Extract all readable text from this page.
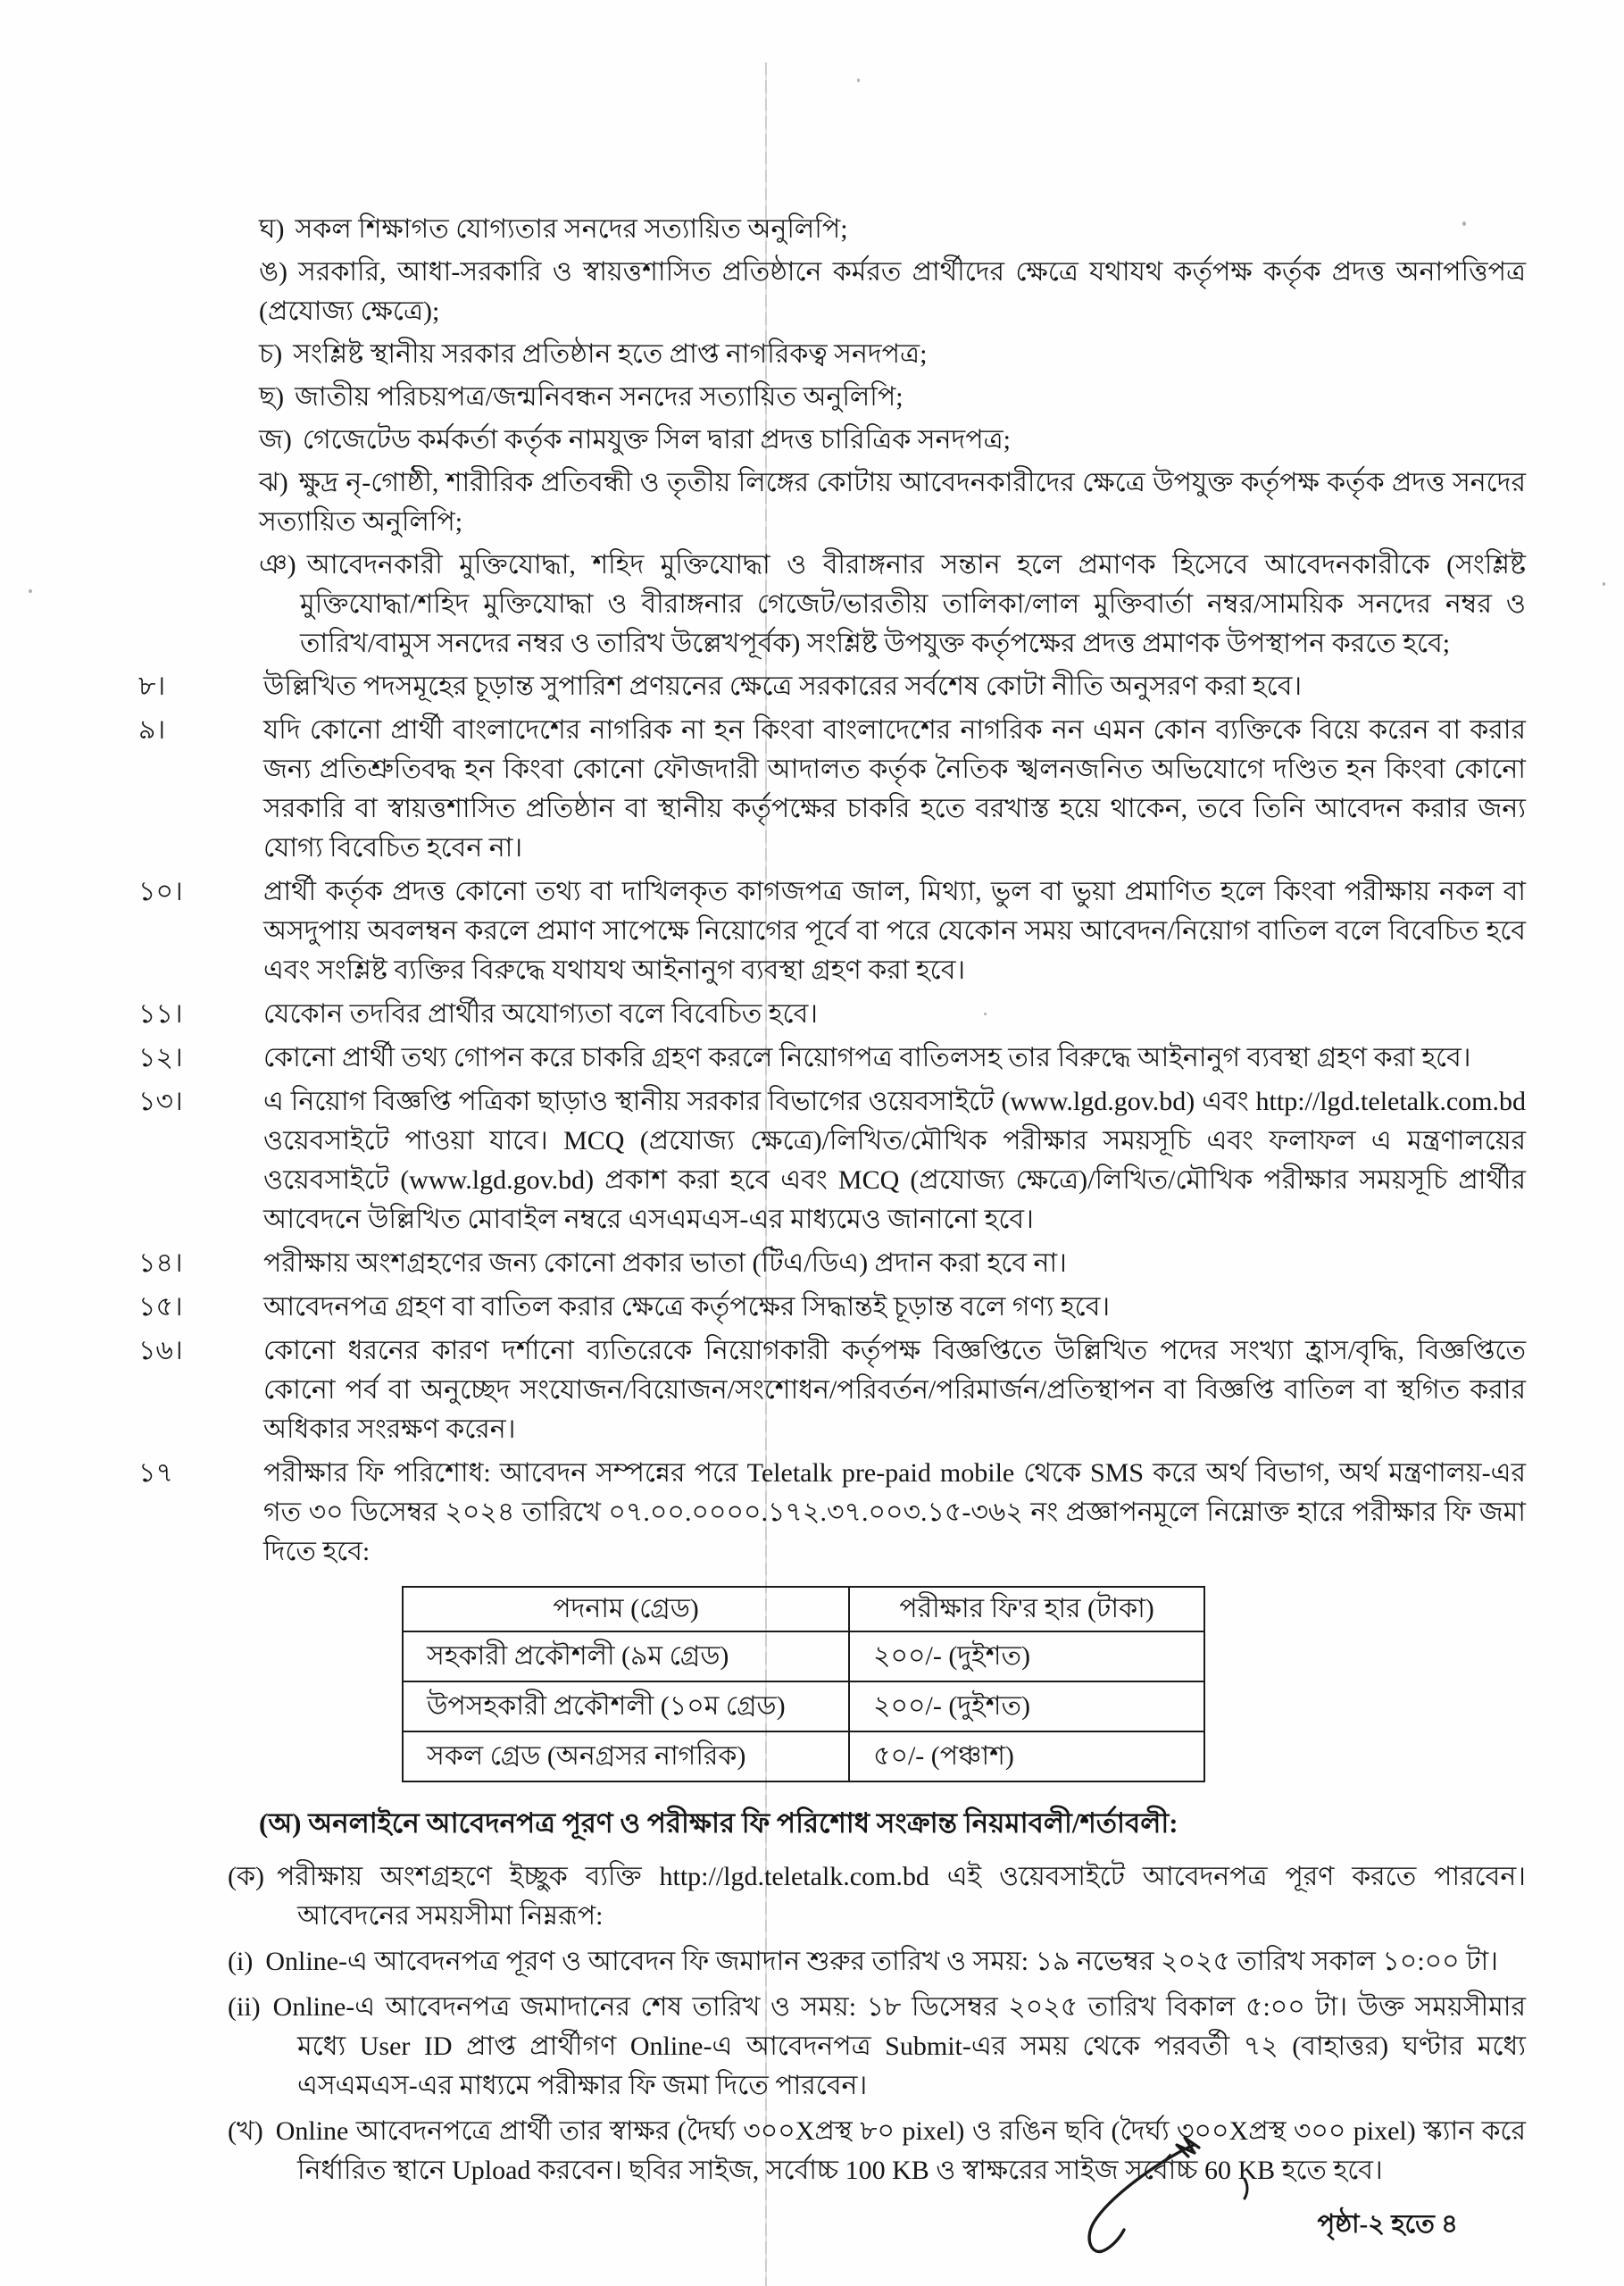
ঘ) সকল শিক্ষাগত যোগ্যতার সনদের সত্যায়িত অনুলিপি;

ঙ) সরকারি, আধা-সরকারি ও স্বায়ত্তশাসিত প্রতিষ্ঠানে কর্মরত প্রার্থীদের ক্ষেত্রে যথাযথ কর্তৃপক্ষ কর্তৃক প্রদত্ত অনাপত্তিপত্র (প্রযোজ্য ক্ষেত্রে);

চ) সংশ্লিষ্ট স্থানীয় সরকার প্রতিষ্ঠান হতে প্রাপ্ত নাগরিকত্ব সনদপত্র;

ছ) জাতীয় পরিচয়পত্র/জন্মনিবন্ধন সনদের সত্যায়িত অনুলিপি;

জ) গেজেটেড কর্মকর্তা কর্তৃক নামযুক্ত সিল দ্বারা প্রদত্ত চারিত্রিক সনদপত্র;

ঝ) ক্ষুদ্র নৃ-গোষ্ঠী, শারীরিক প্রতিবন্ধী ও তৃতীয় লিঙ্গের কোটায় আবেদনকারীদের ক্ষেত্রে উপযুক্ত কর্তৃপক্ষ কর্তৃক প্রদত্ত সনদের সত্যায়িত অনুলিপি;

ঞ) আবেদনকারী মুক্তিযোদ্ধা, শহিদ মুক্তিযোদ্ধা ও বীরাঙ্গনার সন্তান হলে প্রমাণক হিসেবে আবেদনকারীকে (সংশ্লিষ্ট মুক্তিযোদ্ধা/শহিদ মুক্তিযোদ্ধা ও বীরাঙ্গনার গেজেট/ভারতীয় তালিকা/লাল মুক্তিবার্তা নম্বর/সাময়িক সনদের নম্বর ও তারিখ/বামুস সনদের নম্বর ও তারিখ উল্লেখপূর্বক) সংশ্লিষ্ট উপযুক্ত কর্তৃপক্ষের প্রদত্ত প্রমাণক উপস্থাপন করতে হবে;

৮।	উল্লিখিত পদসমূহের চূড়ান্ত সুপারিশ প্রণয়নের ক্ষেত্রে সরকারের সর্বশেষ কোটা নীতি অনুসরণ করা হবে।
৯।	যদি কোনো প্রার্থী বাংলাদেশের নাগরিক না হন কিংবা বাংলাদেশের নাগরিক নন এমন কোন ব্যক্তিকে বিয়ে করেন বা করার জন্য প্রতিশ্রুতিবদ্ধ হন কিংবা কোনো ফৌজদারী আদালত কর্তৃক নৈতিক স্খলনজনিত অভিযোগে দণ্ডিত হন কিংবা কোনো সরকারি বা স্বায়ত্তশাসিত প্রতিষ্ঠান বা স্থানীয় কর্তৃপক্ষের চাকরি হতে বরখাস্ত হয়ে থাকেন, তবে তিনি আবেদন করার জন্য যোগ্য বিবেচিত হবেন না।
১০।	প্রার্থী কর্তৃক প্রদত্ত কোনো তথ্য বা দাখিলকৃত কাগজপত্র জাল, মিথ্যা, ভুল বা ভুয়া প্রমাণিত হলে কিংবা পরীক্ষায় নকল বা অসদুপায় অবলম্বন করলে প্রমাণ সাপেক্ষে নিয়োগের পূর্বে বা পরে যেকোন সময় আবেদন/নিয়োগ বাতিল বলে বিবেচিত হবে এবং সংশ্লিষ্ট ব্যক্তির বিরুদ্ধে যথাযথ আইনানুগ ব্যবস্থা গ্রহণ করা হবে।
১১।	যেকোন তদবির প্রার্থীর অযোগ্যতা বলে বিবেচিত হবে।
১২।	কোনো প্রার্থী তথ্য গোপন করে চাকরি গ্রহণ করলে নিয়োগপত্র বাতিলসহ তার বিরুদ্ধে আইনানুগ ব্যবস্থা গ্রহণ করা হবে।
১৩।	এ নিয়োগ বিজ্ঞপ্তি পত্রিকা ছাড়াও স্থানীয় সরকার বিভাগের ওয়েবসাইটে (www.lgd.gov.bd) এবং http://lgd.teletalk.com.bd ওয়েবসাইটে পাওয়া যাবে। MCQ (প্রযোজ্য ক্ষেত্রে)/লিখিত/মৌখিক পরীক্ষার সময়সূচি এবং ফলাফল এ মন্ত্রণালয়ের ওয়েবসাইটে (www.lgd.gov.bd) প্রকাশ করা হবে এবং MCQ (প্রযোজ্য ক্ষেত্রে)/লিখিত/মৌখিক পরীক্ষার সময়সূচি প্রার্থীর আবেদনে উল্লিখিত মোবাইল নম্বরে এসএমএস-এর মাধ্যমেও জানানো হবে।
১৪।	পরীক্ষায় অংশগ্রহণের জন্য কোনো প্রকার ভাতা (টিএ/ডিএ) প্রদান করা হবে না।
১৫।	আবেদনপত্র গ্রহণ বা বাতিল করার ক্ষেত্রে কর্তৃপক্ষের সিদ্ধান্তই চূড়ান্ত বলে গণ্য হবে।
১৬।	কোনো ধরনের কারণ দর্শানো ব্যতিরেকে নিয়োগকারী কর্তৃপক্ষ বিজ্ঞপ্তিতে উল্লিখিত পদের সংখ্যা হ্রাস/বৃদ্ধি, বিজ্ঞপ্তিতে কোনো পর্ব বা অনুচ্ছেদ সংযোজন/বিয়োজন/সংশোধন/পরিবর্তন/পরিমার্জন/প্রতিস্থাপন বা বিজ্ঞপ্তি বাতিল বা স্থগিত করার অধিকার সংরক্ষণ করেন।
১৭	পরীক্ষার ফি পরিশোধ: আবেদন সম্পন্নের পরে Teletalk pre-paid mobile থেকে SMS করে অর্থ বিভাগ, অর্থ মন্ত্রণালয়-এর গত ৩০ ডিসেম্বর ২০২৪ তারিখে ০৭.০০.০০০০.১৭২.৩৭.০০৩.১৫-৩৬২ নং প্রজ্ঞাপনমূলে নিম্নোক্ত হারে পরীক্ষার ফি জমা দিতে হবে:
পদনাম (গ্রেড)	পরীক্ষার ফি'র হার (টাকা)
সহকারী প্রকৌশলী (৯ম গ্রেড)	২০০/- (দুইশত)
উপসহকারী প্রকৌশলী (১০ম গ্রেড)	২০০/- (দুইশত)
সকল গ্রেড (অনগ্রসর নাগরিক)	৫০/- (পঞ্চাশ)
(অ) অনলাইনে আবেদনপত্র পূরণ ও পরীক্ষার ফি পরিশোধ সংক্রান্ত নিয়মাবলী/শর্তাবলী:

(ক) পরীক্ষায় অংশগ্রহণে ইচ্ছুক ব্যক্তি http://lgd.teletalk.com.bd এই ওয়েবসাইটে আবেদনপত্র পূরণ করতে পারবেন। আবেদনের সময়সীমা নিম্নরূপ:

(i) Online-এ আবেদনপত্র পূরণ ও আবেদন ফি জমাদান শুরুর তারিখ ও সময়: ১৯ নভেম্বর ২০২৫ তারিখ সকাল ১০:০০ টা।

(ii) Online-এ আবেদনপত্র জমাদানের শেষ তারিখ ও সময়: ১৮ ডিসেম্বর ২০২৫ তারিখ বিকাল ৫:০০ টা। উক্ত সময়সীমার মধ্যে User ID প্রাপ্ত প্রার্থীগণ Online-এ আবেদনপত্র Submit-এর সময় থেকে পরবর্তী ৭২ (বাহাত্তর) ঘণ্টার মধ্যে এসএমএস-এর মাধ্যমে পরীক্ষার ফি জমা দিতে পারবেন।

(খ) Online আবেদনপত্রে প্রার্থী তার স্বাক্ষর (দৈর্ঘ্য ৩০০Xপ্রস্থ ৮০ pixel) ও রঙিন ছবি (দৈর্ঘ্য ৩০০Xপ্রস্থ ৩০০ pixel) স্ক্যান করে নির্ধারিত স্থানে Upload করবেন। ছবির সাইজ, সর্বোচ্চ 100 KB ও স্বাক্ষরের সাইজ সর্বোচ্চ 60 KB হতে হবে।

পৃষ্ঠা-২ হতে ৪
